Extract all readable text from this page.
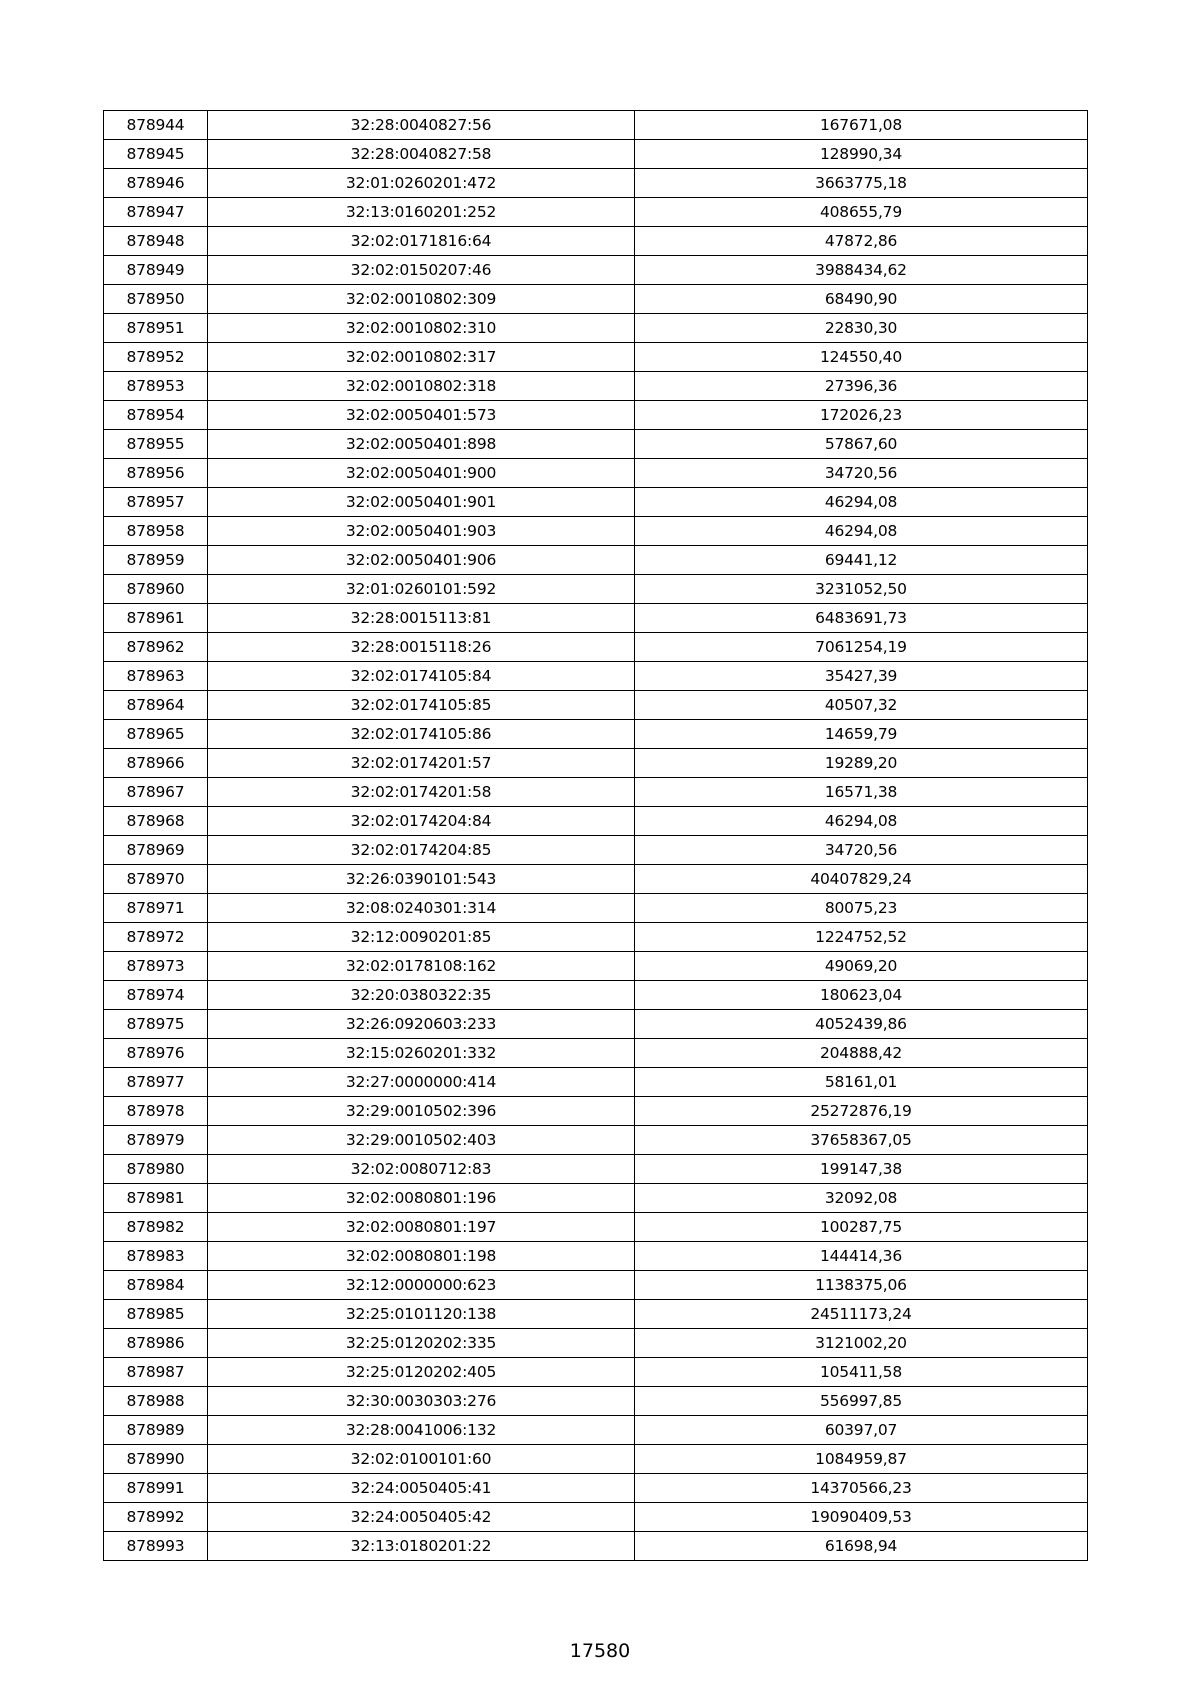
878944	32:28:0040827:56	167671,08
878945	32:28:0040827:58	128990,34
878946	32:01:0260201:472	3663775,18
878947	32:13:0160201:252	408655,79
878948	32:02:0171816:64	47872,86
878949	32:02:0150207:46	3988434,62
878950	32:02:0010802:309	68490,90
878951	32:02:0010802:310	22830,30
878952	32:02:0010802:317	124550,40
878953	32:02:0010802:318	27396,36
878954	32:02:0050401:573	172026,23
878955	32:02:0050401:898	57867,60
878956	32:02:0050401:900	34720,56
878957	32:02:0050401:901	46294,08
878958	32:02:0050401:903	46294,08
878959	32:02:0050401:906	69441,12
878960	32:01:0260101:592	3231052,50
878961	32:28:0015113:81	6483691,73
878962	32:28:0015118:26	7061254,19
878963	32:02:0174105:84	35427,39
878964	32:02:0174105:85	40507,32
878965	32:02:0174105:86	14659,79
878966	32:02:0174201:57	19289,20
878967	32:02:0174201:58	16571,38
878968	32:02:0174204:84	46294,08
878969	32:02:0174204:85	34720,56
878970	32:26:0390101:543	40407829,24
878971	32:08:0240301:314	80075,23
878972	32:12:0090201:85	1224752,52
878973	32:02:0178108:162	49069,20
878974	32:20:0380322:35	180623,04
878975	32:26:0920603:233	4052439,86
878976	32:15:0260201:332	204888,42
878977	32:27:0000000:414	58161,01
878978	32:29:0010502:396	25272876,19
878979	32:29:0010502:403	37658367,05
878980	32:02:0080712:83	199147,38
878981	32:02:0080801:196	32092,08
878982	32:02:0080801:197	100287,75
878983	32:02:0080801:198	144414,36
878984	32:12:0000000:623	1138375,06
878985	32:25:0101120:138	24511173,24
878986	32:25:0120202:335	3121002,20
878987	32:25:0120202:405	105411,58
878988	32:30:0030303:276	556997,85
878989	32:28:0041006:132	60397,07
878990	32:02:0100101:60	1084959,87
878991	32:24:0050405:41	14370566,23
878992	32:24:0050405:42	19090409,53
878993	32:13:0180201:22	61698,94
17580
